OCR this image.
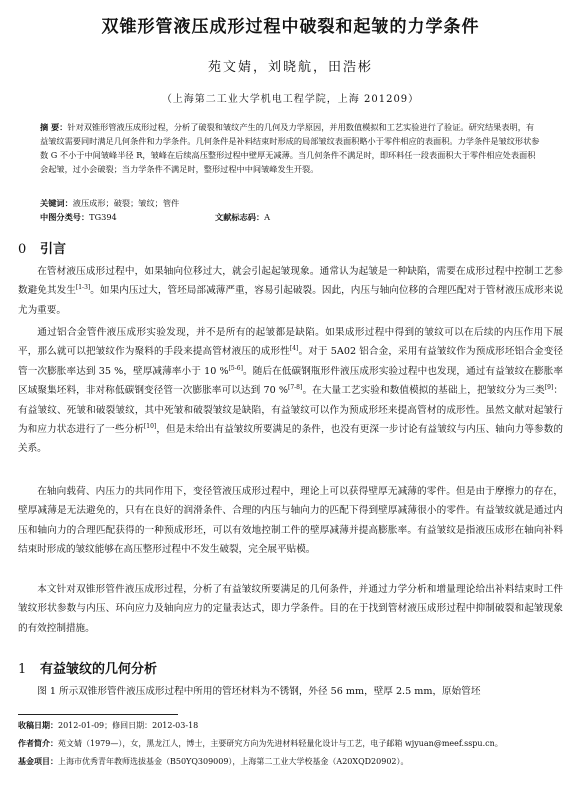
双锥形管液压成形过程中破裂和起皱的力学条件
苑文婧，刘晓航，田浩彬
（上海第二工业大学机电工程学院，上海 201209）
摘 要：针对双锥形管液压成形过程，分析了破裂和皱纹产生的几何及力学原因，并用数值模拟和工艺实验进行了验证。研究结果表明，有益皱纹需要同时满足几何条件和力学条件。几何条件是补料结束时形成的局部皱纹表面积略小于零件相应的表面积。力学条件是皱纹形状参数 G 不小于中间皱峰半径 R，皱峰在后续高压整形过程中壁厚无减薄。当几何条件不满足时，即环料任一段表面积大于零件相应处表面积会起皱，过小会破裂；当力学条件不满足时，整形过程中中间皱峰发生开裂。
关键词：液压成形；破裂；皱纹；管件
中图分类号：TG394	文献标志码：A
0 引言
在管材液压成形过程中，如果轴向位移过大，就会引起起皱现象。通常认为起皱是一种缺陷，需要在成形过程中控制工艺参数避免其发生[1-3]。如果内压过大，管坯局部减薄严重，容易引起破裂。因此，内压与轴向位移的合理匹配对于管材液压成形来说尤为重要。
通过铝合金管件液压成形实验发现，并不是所有的起皱都是缺陷。如果成形过程中得到的皱纹可以在后续的内压作用下展平，那么就可以把皱纹作为聚料的手段来提高管材液压的成形性[4]。对于 5A02 铝合金，采用有益皱纹作为预成形坯铝合金变径管一次膨胀率达到 35 %，壁厚减薄率小于 10 %[5-6]。随后在低碳钢瓶形件液压成形实验过程中也发现，通过有益皱纹在膨胀率区域聚集坯料，非对称低碳钢变径管一次膨胀率可以达到 70 %[7-8]。在大量工艺实验和数值模拟的基础上，把皱纹分为三类[9]：有益皱纹、死皱和破裂皱纹，其中死皱和破裂皱纹是缺陷，有益皱纹可以作为预成形坯来提高管材的成形性。虽然文献对起皱行为和应力状态进行了一些分析[10]，但是未给出有益皱纹所要满足的条件，也没有更深一步讨论有益皱纹与内压、轴向力等参数的关系。
在轴向载荷、内压力的共同作用下，变径管液压成形过程中，理论上可以获得壁厚无减薄的零件。但是由于摩擦力的存在，壁厚减薄是无法避免的，只有在良好的润滑条件、合理的内压与轴向力的匹配下得到壁厚减薄很小的零件。有益皱纹就是通过内压和轴向力的合理匹配获得的一种预成形坯，可以有效地控制工件的壁厚减薄并提高膨胀率。有益皱纹是指液压成形在轴向补料结束时形成的皱纹能够在高压整形过程中不发生破裂，完全展平贴模。
本文针对双锥形管件液压成形过程，分析了有益皱纹所要满足的几何条件，并通过力学分析和增量理论给出补料结束时工件皱纹形状参数与内压、环向应力及轴向应力的定量表达式，即力学条件。目的在于找到管材液压成形过程中抑制破裂和起皱现象的有效控制措施。
1 有益皱纹的几何分析
图 1 所示双锥形管件液压成形过程中所用的管坯材料为不锈钢，外径 56 mm，壁厚 2.5 mm，原始管坯
收稿日期：2012-01-09；修回日期：2012-03-18
作者简介：苑文婧（1979—），女，黑龙江人，博士，主要研究方向为先进材料轻量化设计与工艺，电子邮箱 wjyuan@meef.sspu.cn。
基金项目：上海市优秀青年教师选拔基金（B50YQ309009），上海第二工业大学校基金（A20XQD20902）。
